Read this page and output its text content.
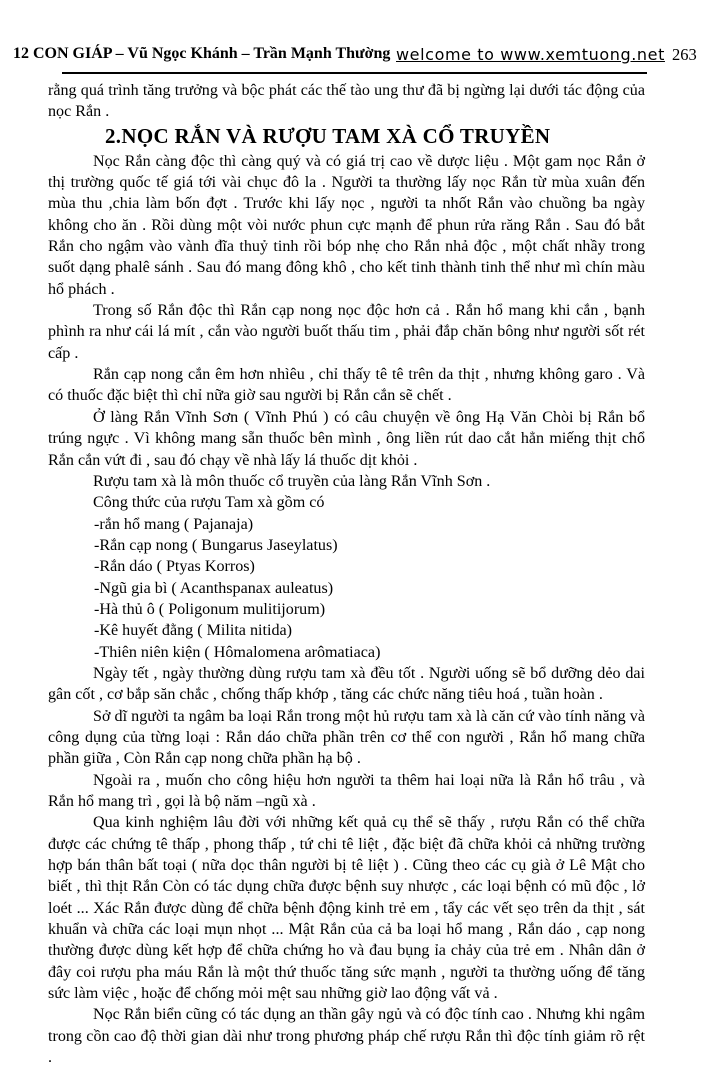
12 CON GIÁP – Vũ Ngọc Khánh – Trần Mạnh Thường welcome to www.xemtuong.net 263

rằng quá trình tăng trưởng và bộc phát các thế tào ung thư đã bị ngừng lại dưới tác động của nọc Rắn .

2.NỌC RẮN VÀ RƯỢU TAM XÀ CỔ TRUYỀN

Nọc Rắn càng độc thì càng quý và có giá trị cao về dược liệu . Một gam nọc Rắn ở thị trường quốc tế giá tới vài chục đô la . Người ta thường lấy nọc Rắn từ mùa xuân đến mùa thu ,chia làm bốn đợt . Trước khi lấy nọc , người ta nhốt Rắn vào chuồng ba ngày không cho ăn . Rồi dùng một vòi nước phun cực mạnh để phun rửa răng Rắn . Sau đó bắt Rắn cho ngậm vào vành đĩa thuỷ tinh rồi bóp nhẹ cho Rắn nhả độc , một chất nhầy trong suốt dạng phalê sánh . Sau đó mang đông khô , cho kết tinh thành tinh thể như mì chín màu hổ phách .

Trong số Rắn độc thì Rắn cạp nong nọc độc hơn cả . Rắn hổ mang khi cắn , bạnh phình ra như cái lá mít , cắn vào người buốt thấu tim , phải đắp chăn bông như người sốt rét cấp .

Rắn cạp nong cắn êm hơn nhìêu , chỉ thấy tê tê trên da thịt , nhưng không garo . Và có thuốc đặc biệt thì chỉ nữa giờ sau người bị Rắn cắn sẽ chết .

Ở làng Rắn Vĩnh Sơn ( Vĩnh Phú ) có câu chuyện về ông Hạ Văn Chòi bị Rắn bổ trúng ngực . Vì không mang sẵn thuốc bên mình , ông liền rút dao cắt hẳn miếng thịt chổ Rắn cắn vứt đi , sau đó chạy về nhà lấy lá thuốc dịt khỏi .

Rượu tam xà là môn thuốc cổ truyền của làng Rắn Vĩnh Sơn .

Công thức của rượu Tam xà gồm có

-rắn hổ mang ( Pajanaja)
-Rắn cạp nong ( Bungarus Jaseylatus)
-Rắn dáo ( Ptyas Korros)
-Ngũ gia bì ( Acanthspanax auleatus)
-Hà thủ ô ( Poligonum mulitijorum)
-Kê huyết đằng ( Milita nitida)
-Thiên niên kiện ( Hômalomena arômatiaca)

Ngày tết , ngày thường dùng rượu tam xà đều tốt . Người uống sẽ bổ dưỡng dẻo dai gân cốt , cơ bắp săn chắc , chống thấp khớp , tăng các chức năng tiêu hoá , tuần hoàn .

Sở dĩ người ta ngâm ba loại Rắn trong một hủ rượu tam xà là căn cứ vào tính năng và công dụng của từng loại : Rắn dáo chữa phần trên cơ thể con người , Rắn hổ mang chữa phần giữa , Còn Rắn cạp nong chữa phần hạ bộ .

Ngoài ra , muốn cho công hiệu hơn người ta thêm hai loại nữa là Rắn hổ trâu , và Rắn hổ mang trì , gọi là bộ năm –ngũ xà .

Qua kinh nghiệm lâu đời với những kết quả cụ thể sẽ thấy , rượu Rắn có thể chữa được các chứng tê thấp , phong thấp , tứ chi tê liệt , đặc biệt đã chữa khỏi cả những trường hợp bán thân bất toại ( nữa dọc thân người bị tê liệt ) . Cũng theo các cụ già ở Lê Mật cho biết , thì thịt Rắn Còn có tác dụng chữa được bệnh suy nhược , các loại bệnh có mũ độc , lở loét ... Xác Rắn được dùng để chữa bệnh động kinh trẻ em , tẩy các vết sẹo trên da thịt , sát khuẩn và chữa các loại mụn nhọt ... Mật Rắn của cả ba loại hổ mang , Rắn dáo , cạp nong thường được dùng kết hợp để chữa chứng ho và đau bụng ỉa chảy của trẻ em . Nhân dân ở đây coi rượu pha máu Rắn là một thứ thuốc tăng sức mạnh , người ta thường uống để tăng sức làm việc , hoặc để chống mỏi mệt sau những giờ lao động vất vả .

Nọc Rắn biển cũng có tác dụng an thần gây ngủ và có độc tính cao . Nhưng khi ngâm trong cồn cao độ thời gian dài như trong phương pháp chế rượu Rắn thì độc tính giảm rõ rệt .
